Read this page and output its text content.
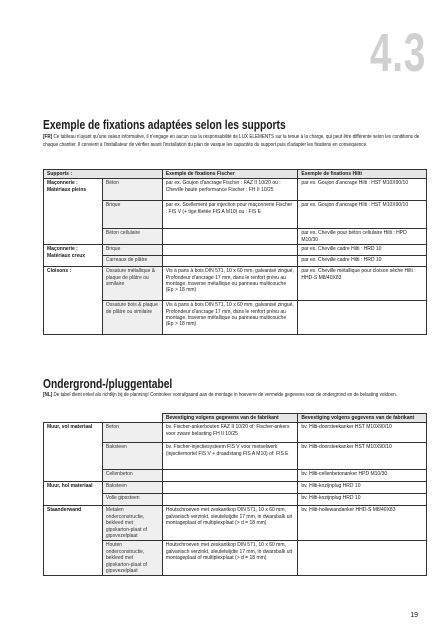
4.3
Exemple de fixations adaptées selon les supports
[FR] Ce tableau n'ayant qu'une valeur informative, il n'engage en aucun cas la responsabilité de LUX ELEMENTS sur la tenue à la charge, qui peut être différente selon les conditions de chaque chantier. Il convient à l'installateur de vérifier avant l'installation du plan de vasque les capacités du support puis d'adapter les fixations en conséquence.
Supports :		Exemple de fixations Fischer	Exemple de fixations Hilti
Maçonnerie : Matériaux pleins	Béton	par ex. Goujon d'ancrage Fischer : FAZ II 10/20 ou : Cheville haute performance Fischer : FH II 10/25	par ex. Goujon d'ancrage Hilti : HST M10X90/10
	Brique	par ex. Scellement par injection pour maçonnerie Fischer : FIS V (+ tige filetée FIS A M10) ou : FIS E	par ex. Goujon d'ancrage Hilti : HST M10X90/10
	Béton cellulaire		par ex. Cheville pour béton cellulaire Hilti : HPD M10/30
Maçonnerie : Matériaux creux	Brique		par ex. Cheville cadre Hilti : HRD 10
	Carreaux de plâtre		par ex. Cheville cadre Hilti : HRD 10
Cloisons :	Ossature métallique & plaque de plâtre ou similaire	Vis à pans à bois DIN 571, 10 x 60 mm, galvanisé zingué, Profondeur d'ancrage 17 mm, dans le renfort prévu au montage, traverse métallique ou panneau multicouche (Ep > 18 mm)	par ex. Cheville métallique pour cloison sèche Hilti : HHD-S M8/40X83
	Ossature bois & plaque de plâtre ou similaire	Vis à pans à bois DIN 571, 10 x 60 mm, galvanisé zingué, Profondeur d'ancrage 17 mm, dans le renfort prévu au montage, traverse métallique ou panneau multicouche (Ep > 18 mm)	
Ondergrond-/pluggentabel
[NL] De tabel dient enkel als richtlijn bij de planning! Controleer voorafgaand aan de montage in hoeverre de vermelde gegevens voor de ondergrond en de belasting voldoen.
		Bevestiging volgens gegevens van de fabrikant	Bevestiging volgens gegevens van de fabrikant
Muur, vol materiaal	Beton	bv. Fischer-ankerbouten FAZ II 10/20 of: Fischer-ankers voor zware belasting FH II 10/25	bv. Hilti-doorsteekanker HST M10X90/10
	Baksteen	bv. Fischer-injectiesysteem FIS V voor metselwerk (injectiemortel FIS V + draadstang FIS A M10) of: FIS E	bv. Hilti-doorsteekanker HST M10X90/10
	Cellenbeton		bv. Hilti-cellenbetonanker HPD M10/30
Muur, hol materiaal	Baksteen		bv. Hilti-kozijnplug HRD 10
	Volle gipssteen		bv. Hilti-kozijnplug HRD 10
Staanderwand	Metalen onderconstructie, bekleed met gipskarton-plaat of gipsvezelplaat	Houtschroeven met zeskantkop DIN 571, 10 x 60 mm, galvanisch verzinkt, sleutelwijdte 17 mm, in dwarsbalk uit montageplaat of multiplexplaat (> d = 18 mm)	bv. Hilti-hollewandanker HHD-S M8/40X83
	Houten onderconstructie, bekleed met gipskarton-plaat of gipsvezelplaat	Houtschroeven met zeskantkop DIN 571, 10 x 60 mm, galvanisch verzinkt, sleutelwijdte 17 mm, in dwarsbalk uit montageplaat of multiplexplaat (> d = 18 mm)	
19
